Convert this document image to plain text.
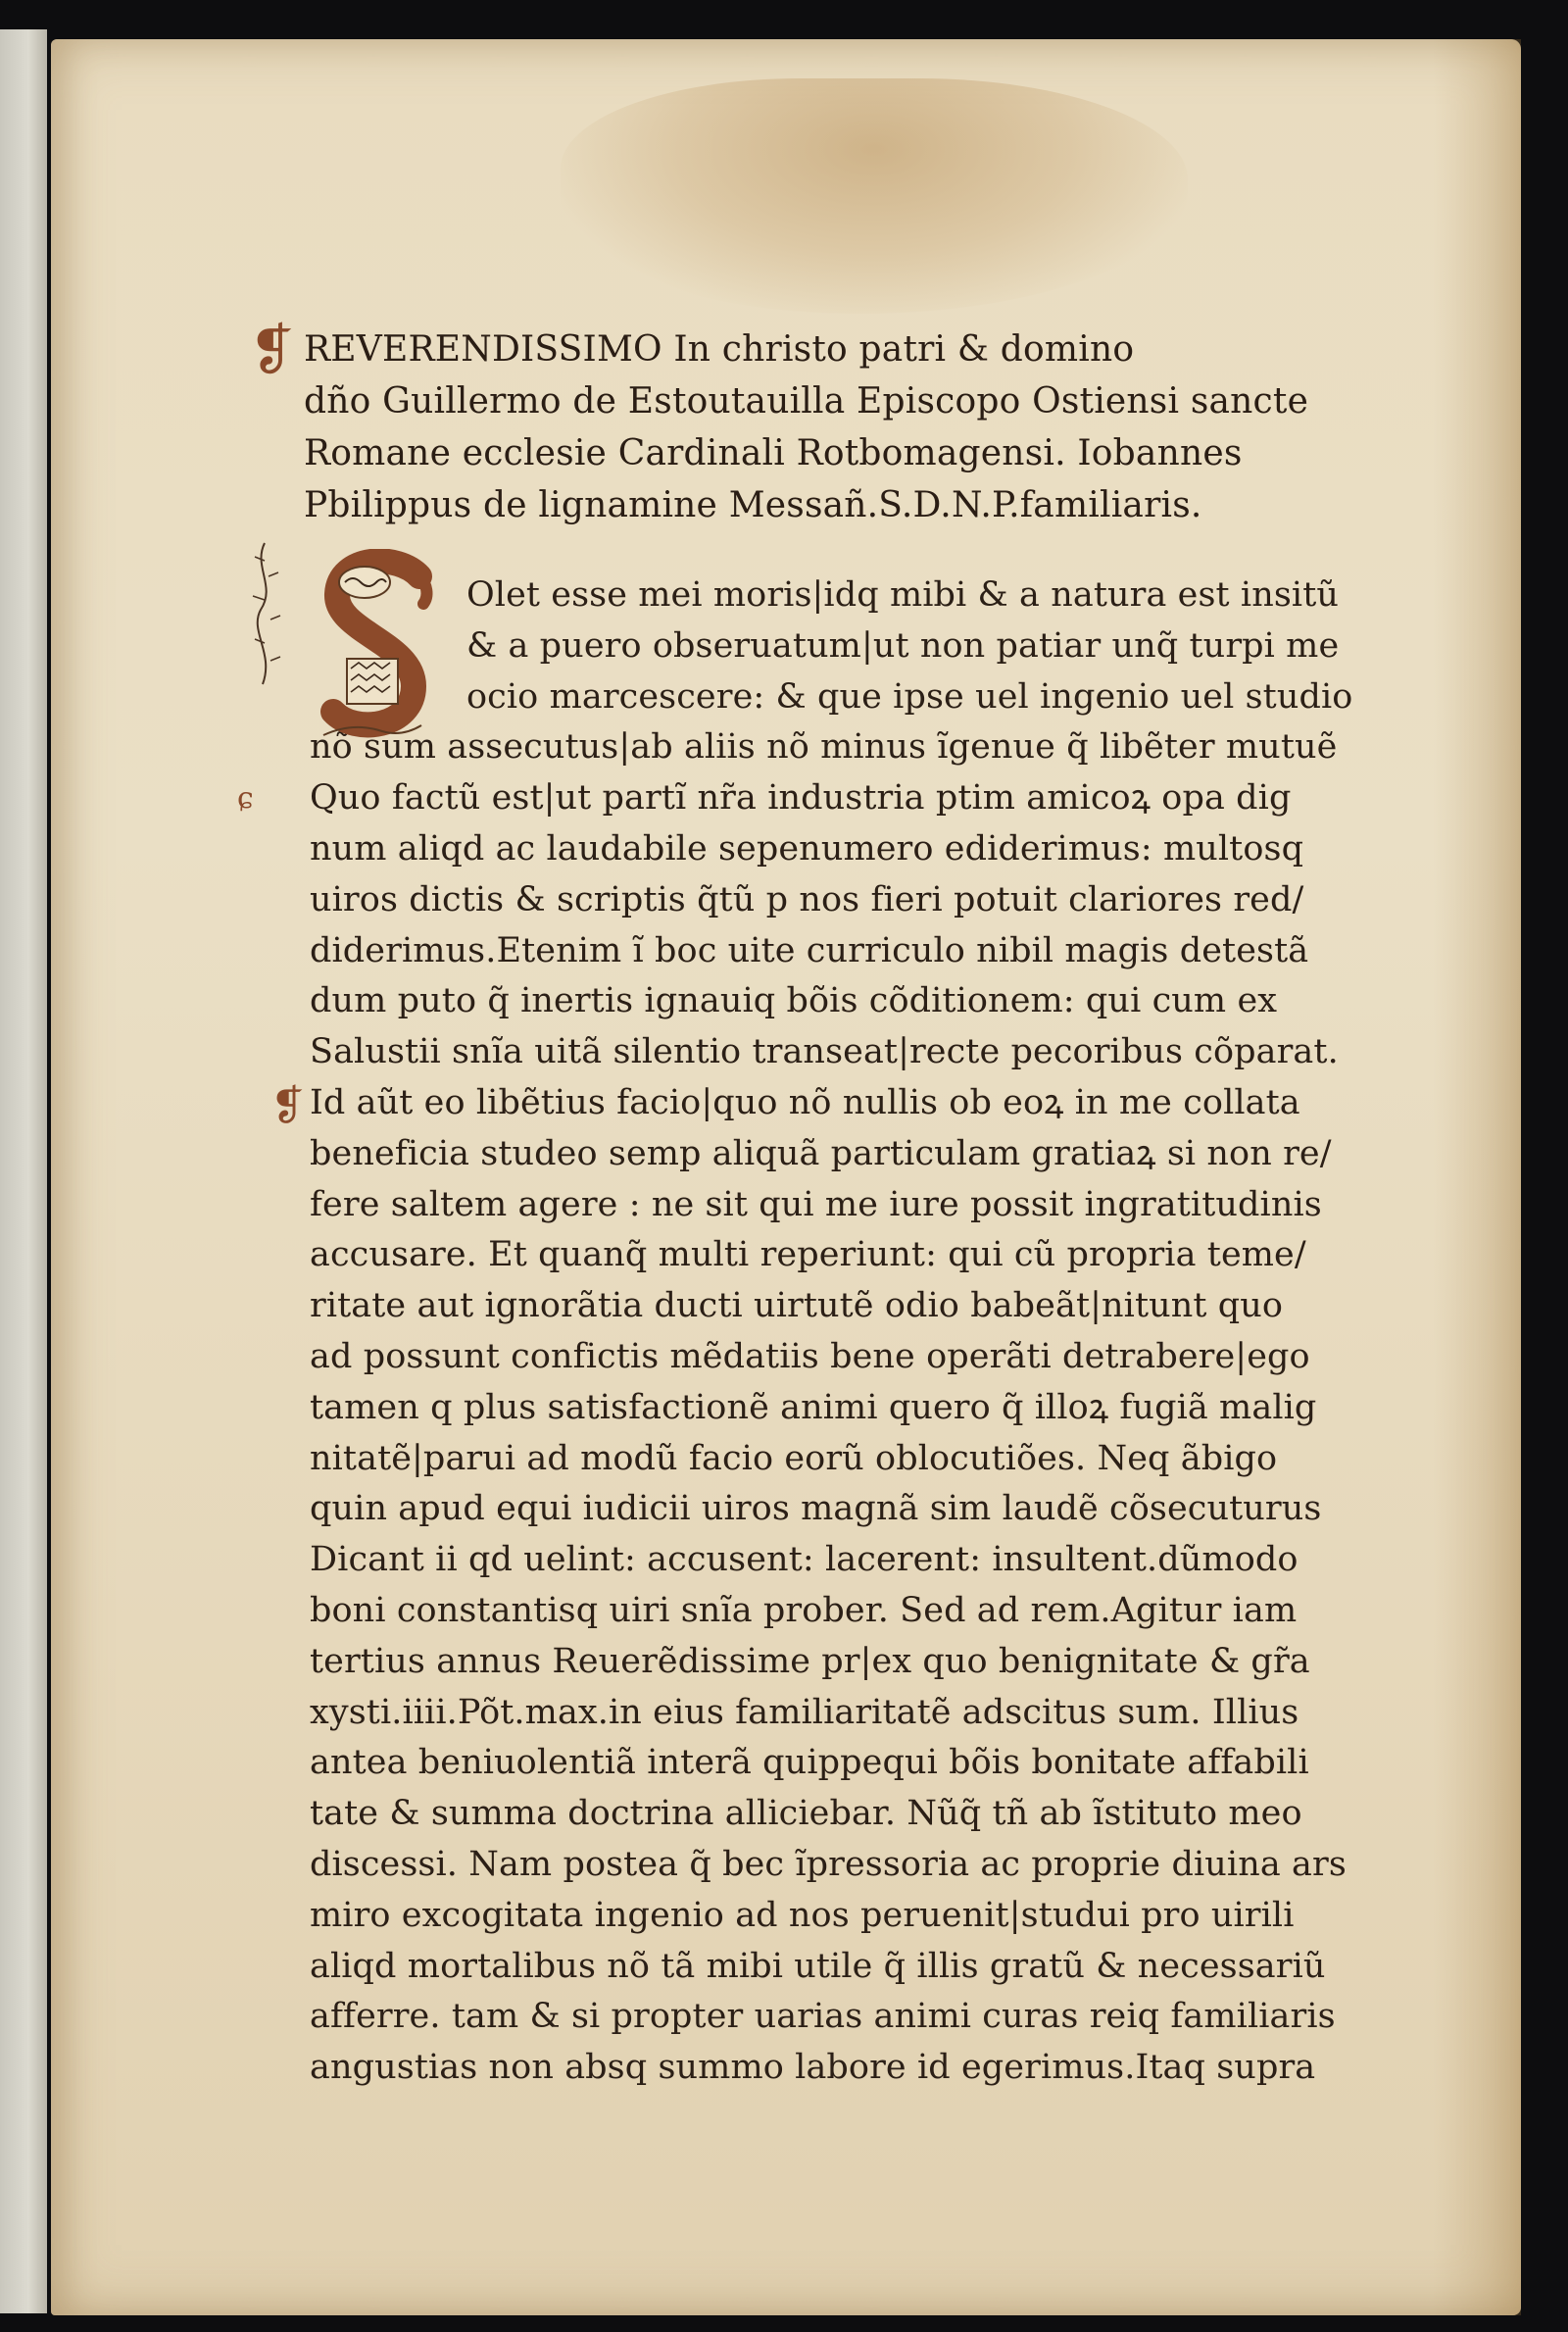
❡ REVERENDISSIMO In christo patri & domino
dño Guillermo de Estoutauilla Episcopo Ostiensi sancte
Romane ecclesie Cardinali Rotbomagensi. Iobannes
Pbilippus de lignamine Messañ.S.D.N.P.familiaris.
Olet esse mei moris|idq mibi & a natura est insitũ
& a puero obseruatum|ut non patiar unq̃ turpi me
ocio marcescere: & que ipse uel ingenio uel studio
nõ sum assecutus|ab aliis nõ minus ĩgenue q̃ libẽter mutuẽ
ɕ Quo factũ est|ut partĩ nr̃a industria ptim amicoꝝ opa dig
num aliqd ac laudabile sepenumero ediderimus: multosq
uiros dictis & scriptis q̃tũ p nos fieri potuit clariores red/
diderimus.Etenim ĩ boc uite curriculo nibil magis detestã
dum puto q̃ inertis ignauiq bõis cõditionem: qui cum ex
Salustii snĩa uitã silentio transeat|recte pecoribus cõparat.
❡ Id aũt eo libẽtius facio|quo nõ nullis ob eoꝝ in me collata
beneficia studeo semp aliquã particulam gratiaꝝ si non re/
fere saltem agere : ne sit qui me iure possit ingratitudinis
accusare. Et quanq̃ multi reperiunt: qui cũ propria teme/
ritate aut ignorãtia ducti uirtutẽ odio babeãt|nitunt quo
ad possunt confictis mẽdatiis bene operãti detrabere|ego
tamen q plus satisfactionẽ animi quero q̃ illoꝝ fugiã malig
nitatẽ|parui ad modũ facio eorũ oblocutiões. Neq ãbigo
quin apud equi iudicii uiros magnã sim laudẽ cõsecuturus
Dicant ii qd uelint: accusent: lacerent: insultent.dũmodo
boni constantisq uiri snĩa prober. Sed ad rem.Agitur iam
tertius annus Reuerẽdissime pr|ex quo benignitate & gr̃a
xysti.iiii.Põt.max.in eius familiaritatẽ adscitus sum. Illius
antea beniuolentiã interã quippequi bõis bonitate affabili
tate & summa doctrina alliciebar. Nũq̃ tñ ab ĩstituto meo
discessi. Nam postea q̃ bec ĩpressoria ac proprie diuina ars
miro excogitata ingenio ad nos peruenit|studui pro uirili
aliqd mortalibus nõ tã mibi utile q̃ illis gratũ & necessariũ
afferre. tam & si propter uarias animi curas reiq familiaris
angustias non absq summo labore id egerimus.Itaq supra
